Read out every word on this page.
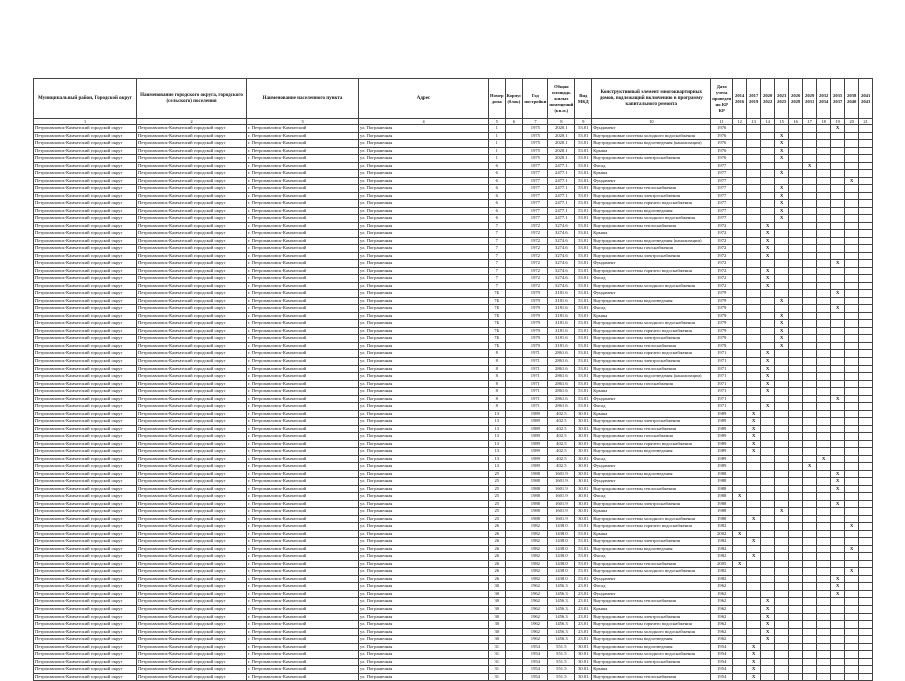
Муниципальный район, Городской округ	Наименование городского округа, городского (сельского) поселения	Наименование населенного пункта	Адрес	Номер дома	Корпус (блок)	Год постройки	Общая площадь жилых помещений (кв.м.)	Вид МКД	Конструктивный элемент многоквартирных домов, подлежащий включению в программу капитального ремонта	Дата учета проведен ия КР КР	2014 2016	2017 2019	2020 2022	2023 2025	2026 2028	2029 2031	2032 2034	2035 2037	2038 2040	2041 2043
1	2	3	4	5	6	7	8	9	10	11	12	13	14	15	16	17	18	19	20	21
Петропавловск-Камчатский городской округ	Петропавловск-Камчатский городской округ	г. Петропавловск-Камчатский	ул. Пограничная	1		1975	2020.1	53.01	Фундамент	1976								X		
Петропавловск-Камчатский городской округ	Петропавловск-Камчатский городской округ	г. Петропавловск-Камчатский	ул. Пограничная	1		1975	2020.1	53.01	Внутридомовые системы холодного водоснабжения	1976				X						
Петропавловск-Камчатский городской округ	Петропавловск-Камчатский городской округ	г. Петропавловск-Камчатский	ул. Пограничная	1		1975	2020.1	53.01	Внутридомовые системы водоотведения (канализации)	1976				X						
Петропавловск-Камчатский городской округ	Петропавловск-Камчатский городской округ	г. Петропавловск-Камчатский	ул. Пограничная	1		1975	2020.1	53.01	Крыша	1976				X						
Петропавловск-Камчатский городской округ	Петропавловск-Камчатский городской округ	г. Петропавловск-Камчатский	ул. Пограничная	1		1975	2020.1	53.01	Внутридомовые системы электроснабжения	1976				X						
Петропавловск-Камчатский городской округ	Петропавловск-Камчатский городской округ	г. Петропавловск-Камчатский	ул. Пограничная	6		1977	2477.1	53.01	Фасад	1977						X				
Петропавловск-Камчатский городской округ	Петропавловск-Камчатский городской округ	г. Петропавловск-Камчатский	ул. Пограничная	6		1977	2477.1	53.01	Крыша	1977				X						
Петропавловск-Камчатский городской округ	Петропавловск-Камчатский городской округ	г. Петропавловск-Камчатский	ул. Пограничная	6		1977	2477.1	53.01	Фундамент	1977									X	
Петропавловск-Камчатский городской округ	Петропавловск-Камчатский городской округ	г. Петропавловск-Камчатский	ул. Пограничная	6		1977	2477.1	53.01	Внутридомовые системы теплоснабжения	1977				X						
Петропавловск-Камчатский городской округ	Петропавловск-Камчатский городской округ	г. Петропавловск-Камчатский	ул. Пограничная	6		1977	2477.1	53.01	Внутридомовые системы электроснабжения	1977				X						
Петропавловск-Камчатский городской округ	Петропавловск-Камчатский городской округ	г. Петропавловск-Камчатский	ул. Пограничная	6		1977	2477.1	53.01	Внутридомовые системы горячего водоснабжения	1977				X						
Петропавловск-Камчатский городской округ	Петропавловск-Камчатский городской округ	г. Петропавловск-Камчатский	ул. Пограничная	6		1977	2477.1	53.01	Внутридомовые системы водоотведения	1977				X						
Петропавловск-Камчатский городской округ	Петропавловск-Камчатский городской округ	г. Петропавловск-Камчатский	ул. Пограничная	6		1977	2477.1	53.01	Внутридомовые системы холодного водоснабжения	1977				X						
Петропавловск-Камчатский городской округ	Петропавловск-Камчатский городской округ	г. Петропавловск-Камчатский	ул. Пограничная	7		1972	3274.6	53.01	Внутридомовые системы теплоснабжения	1972			X							
Петропавловск-Камчатский городской округ	Петропавловск-Камчатский городской округ	г. Петропавловск-Камчатский	ул. Пограничная	7		1972	3274.6	53.01	Крыша	1972			X							
Петропавловск-Камчатский городской округ	Петропавловск-Камчатский городской округ	г. Петропавловск-Камчатский	ул. Пограничная	7		1972	3274.6	53.01	Внутридомовые системы водоотведения (канализации)	1972			X							
Петропавловск-Камчатский городской округ	Петропавловск-Камчатский городской округ	г. Петропавловск-Камчатский	ул. Пограничная	7		1972	3274.6	53.01	Внутридомовые системы газоснабжения	1972			X							
Петропавловск-Камчатский городской округ	Петропавловск-Камчатский городской округ	г. Петропавловск-Камчатский	ул. Пограничная	7		1972	3274.6	53.01	Внутридомовые системы электроснабжения	1972			X							
Петропавловск-Камчатский городской округ	Петропавловск-Камчатский городской округ	г. Петропавловск-Камчатский	ул. Пограничная	7		1972	3274.6	53.01	Фундамент	1972								X		
Петропавловск-Камчатский городской округ	Петропавловск-Камчатский городской округ	г. Петропавловск-Камчатский	ул. Пограничная	7		1972	3274.6	53.01	Внутридомовые системы горячего водоснабжения	1972			X							
Петропавловск-Камчатский городской округ	Петропавловск-Камчатский городской округ	г. Петропавловск-Камчатский	ул. Пограничная	7		1972	3274.6	53.01	Фасад	1972			X							
Петропавловск-Камчатский городской округ	Петропавловск-Камчатский городской округ	г. Петропавловск-Камчатский	ул. Пограничная	7		1972	3274.6	53.01	Внутридомовые системы холодного водоснабжения	1972			X							
Петропавловск-Камчатский городской округ	Петропавловск-Камчатский городской округ	г. Петропавловск-Камчатский	ул. Пограничная	7Б		1979	3181.6	53.01	Фундамент	1979								X		
Петропавловск-Камчатский городской округ	Петропавловск-Камчатский городской округ	г. Петропавловск-Камчатский	ул. Пограничная	7Б		1979	3181.6	53.01	Внутридомовые системы водоотведения	1979				X						
Петропавловск-Камчатский городской округ	Петропавловск-Камчатский городской округ	г. Петропавловск-Камчатский	ул. Пограничная	7Б		1979	3181.6	53.01	Фасад	1979								X		
Петропавловск-Камчатский городской округ	Петропавловск-Камчатский городской округ	г. Петропавловск-Камчатский	ул. Пограничная	7Б		1979	3181.6	53.01	Крыша	1979				X						
Петропавловск-Камчатский городской округ	Петропавловск-Камчатский городской округ	г. Петропавловск-Камчатский	ул. Пограничная	7Б		1979	3181.6	53.01	Внутридомовые системы холодного водоснабжения	1979				X						
Петропавловск-Камчатский городской округ	Петропавловск-Камчатский городской округ	г. Петропавловск-Камчатский	ул. Пограничная	7Б		1979	3181.6	53.01	Внутридомовые системы горячего водоснабжения	1979				X						
Петропавловск-Камчатский городской округ	Петропавловск-Камчатский городской округ	г. Петропавловск-Камчатский	ул. Пограничная	7Б		1979	3181.6	53.01	Внутридомовые системы электроснабжения	1979				X						
Петропавловск-Камчатский городской округ	Петропавловск-Камчатский городской округ	г. Петропавловск-Камчатский	ул. Пограничная	7Б		1979	3181.6	53.01	Внутридомовые системы теплоснабжения	1979				X						
Петропавловск-Камчатский городской округ	Петропавловск-Камчатский городской округ	г. Петропавловск-Камчатский	ул. Пограничная	8		1971	2861.6	53.01	Внутридомовые системы горячего водоснабжения	1971			X							
Петропавловск-Камчатский городской округ	Петропавловск-Камчатский городской округ	г. Петропавловск-Камчатский	ул. Пограничная	8		1971	2861.6	53.01	Внутридомовые системы электроснабжения	1971			X							
Петропавловск-Камчатский городской округ	Петропавловск-Камчатский городской округ	г. Петропавловск-Камчатский	ул. Пограничная	8		1971	2861.6	53.01	Внутридомовые системы теплоснабжения	1971			X							
Петропавловск-Камчатский городской округ	Петропавловск-Камчатский городской округ	г. Петропавловск-Камчатский	ул. Пограничная	8		1971	2861.6	53.01	Внутридомовые системы водоотведения (канализации)	1971			X							
Петропавловск-Камчатский городской округ	Петропавловск-Камчатский городской округ	г. Петропавловск-Камчатский	ул. Пограничная	8		1971	2861.6	53.01	Внутридомовые системы газоснабжения	1971			X							
Петропавловск-Камчатский городской округ	Петропавловск-Камчатский городской округ	г. Петропавловск-Камчатский	ул. Пограничная	8		1971	2861.6	53.01	Крыша	1971			X							
Петропавловск-Камчатский городской округ	Петропавловск-Камчатский городской округ	г. Петропавловск-Камчатский	ул. Пограничная	8		1971	2861.6	53.01	Фундамент	1971								X		
Петропавловск-Камчатский городской округ	Петропавловск-Камчатский городской округ	г. Петропавловск-Камчатский	ул. Пограничная	8		1971	2861.6	53.01	Фасад	1971			X							
Петропавловск-Камчатский городской округ	Петропавловск-Камчатский городской округ	г. Петропавловск-Камчатский	ул. Пограничная	13		1989	402.5	30.01	Крыша	1989		X								
Петропавловск-Камчатский городской округ	Петропавловск-Камчатский городской округ	г. Петропавловск-Камчатский	ул. Пограничная	13		1989	402.5	30.01	Внутридомовые системы электроснабжения	1989		X								
Петропавловск-Камчатский городской округ	Петропавловск-Камчатский городской округ	г. Петропавловск-Камчатский	ул. Пограничная	13		1989	402.5	30.01	Внутридомовые системы теплоснабжения	1989		X								
Петропавловск-Камчатский городской округ	Петропавловск-Камчатский городской округ	г. Петропавловск-Камчатский	ул. Пограничная	13		1989	402.5	30.01	Внутридомовые системы газоснабжения	1989		X								
Петропавловск-Камчатский городской округ	Петропавловск-Камчатский городской округ	г. Петропавловск-Камчатский	ул. Пограничная	13		1989	402.5	30.01	Внутридомовые системы горячего водоснабжения	1989		X								
Петропавловск-Камчатский городской округ	Петропавловск-Камчатский городской округ	г. Петропавловск-Камчатский	ул. Пограничная	13		1989	402.5	30.01	Внутридомовые системы водоотведения	1989		X								
Петропавловск-Камчатский городской округ	Петропавловск-Камчатский городской округ	г. Петропавловск-Камчатский	ул. Пограничная	13		1989	402.5	30.01	Фасад	1989							X			
Петропавловск-Камчатский городской округ	Петропавловск-Камчатский городской округ	г. Петропавловск-Камчатский	ул. Пограничная	13		1989	402.5	30.01	Фундамент	1989						X				
Петропавловск-Камчатский городской округ	Петропавловск-Камчатский городской округ	г. Петропавловск-Камчатский	ул. Пограничная	25		1988	1601.9	30.01	Внутридомовые системы водоотведения	1988								X		
Петропавловск-Камчатский городской округ	Петропавловск-Камчатский городской округ	г. Петропавловск-Камчатский	ул. Пограничная	25		1988	1601.9	30.01	Фундамент	1988								X		
Петропавловск-Камчатский городской округ	Петропавловск-Камчатский городской округ	г. Петропавловск-Камчатский	ул. Пограничная	25		1988	1601.9	30.01	Внутридомовые системы теплоснабжения	1988								X		
Петропавловск-Камчатский городской округ	Петропавловск-Камчатский городской округ	г. Петропавловск-Камчатский	ул. Пограничная	25		1988	1601.9	30.01	Фасад	1988	X									
Петропавловск-Камчатский городской округ	Петропавловск-Камчатский городской округ	г. Петропавловск-Камчатский	ул. Пограничная	25		1988	1601.9	30.01	Внутридомовые системы электроснабжения	1988								X		
Петропавловск-Камчатский городской округ	Петропавловск-Камчатский городской округ	г. Петропавловск-Камчатский	ул. Пограничная	25		1988	1601.9	30.01	Крыша	1988				X						
Петропавловск-Камчатский городской округ	Петропавловск-Камчатский городской округ	г. Петропавловск-Камчатский	ул. Пограничная	25		1988	1601.9	30.01	Внутридомовые системы холодного водоснабжения	1988		X								
Петропавловск-Камчатский городской округ	Петропавловск-Камчатский городской округ	г. Петропавловск-Камчатский	ул. Пограничная	26		1982	1438.0	53.01	Внутридомовые системы горячего водоснабжения	1982									X	
Петропавловск-Камчатский городской округ	Петропавловск-Камчатский городской округ	г. Петропавловск-Камчатский	ул. Пограничная	26		1982	1438.0	53.01	Крыша	2002	X									
Петропавловск-Камчатский городской округ	Петропавловск-Камчатский городской округ	г. Петропавловск-Камчатский	ул. Пограничная	26		1982	1438.0	53.01	Внутридомовые системы электроснабжения	1982		X								
Петропавловск-Камчатский городской округ	Петропавловск-Камчатский городской округ	г. Петропавловск-Камчатский	ул. Пограничная	26		1982	1438.0	53.01	Внутридомовые системы водоотведения	1982									X	
Петропавловск-Камчатский городской округ	Петропавловск-Камчатский городской округ	г. Петропавловск-Камчатский	ул. Пограничная	26		1982	1438.0	53.01	Фасад	1982		X								
Петропавловск-Камчатский городской округ	Петропавловск-Камчатский городской округ	г. Петропавловск-Камчатский	ул. Пограничная	26		1982	1438.0	53.01	Внутридомовые системы теплоснабжения	2005	X									
Петропавловск-Камчатский городской округ	Петропавловск-Камчатский городской округ	г. Петропавловск-Камчатский	ул. Пограничная	26		1982	1438.0	53.01	Внутридомовые системы холодного водоснабжения	1982									X	
Петропавловск-Камчатский городской округ	Петропавловск-Камчатский городской округ	г. Петропавловск-Камчатский	ул. Пограничная	26		1982	1438.0	53.01	Фундамент	1982								X		
Петропавловск-Камчатский городской округ	Петропавловск-Камчатский городской округ	г. Петропавловск-Камчатский	ул. Пограничная	30		1962	1456.3	23.01	Фасад	1962								X		
Петропавловск-Камчатский городской округ	Петропавловск-Камчатский городской округ	г. Петропавловск-Камчатский	ул. Пограничная	30		1962	1456.3	23.01	Фундамент	1962								X		
Петропавловск-Камчатский городской округ	Петропавловск-Камчатский городской округ	г. Петропавловск-Камчатский	ул. Пограничная	30		1962	1456.3	23.01	Внутридомовые системы теплоснабжения	1962			X							
Петропавловск-Камчатский городской округ	Петропавловск-Камчатский городской округ	г. Петропавловск-Камчатский	ул. Пограничная	30		1962	1456.3	23.01	Крыша	1962			X							
Петропавловск-Камчатский городской округ	Петропавловск-Камчатский городской округ	г. Петропавловск-Камчатский	ул. Пограничная	30		1962	1456.3	23.01	Внутридомовые системы электроснабжения	1962			X							
Петропавловск-Камчатский городской округ	Петропавловск-Камчатский городской округ	г. Петропавловск-Камчатский	ул. Пограничная	30		1962	1456.3	23.01	Внутридомовые системы горячего водоснабжения	1962			X							
Петропавловск-Камчатский городской округ	Петропавловск-Камчатский городской округ	г. Петропавловск-Камчатский	ул. Пограничная	30		1962	1456.3	23.01	Внутридомовые системы холодного водоснабжения	1962			X							
Петропавловск-Камчатский городской округ	Петропавловск-Камчатский городской округ	г. Петропавловск-Камчатский	ул. Пограничная	30		1962	1456.3	23.01	Внутридомовые системы водоотведения	1962			X							
Петропавловск-Камчатский городской округ	Петропавловск-Камчатский городской округ	г. Петропавловск-Камчатский	ул. Пограничная	31		1954	551.5	30.01	Внутридомовые системы водоотведения	1954		X								
Петропавловск-Камчатский городской округ	Петропавловск-Камчатский городской округ	г. Петропавловск-Камчатский	ул. Пограничная	31		1954	551.5	30.01	Внутридомовые системы холодного водоснабжения	1954		X								
Петропавловск-Камчатский городской округ	Петропавловск-Камчатский городской округ	г. Петропавловск-Камчатский	ул. Пограничная	31		1954	551.5	30.01	Внутридомовые системы электроснабжения	1954		X								
Петропавловск-Камчатский городской округ	Петропавловск-Камчатский городской округ	г. Петропавловск-Камчатский	ул. Пограничная	31		1954	551.5	30.01	Крыша	1954		X								
Петропавловск-Камчатский городской округ	Петропавловск-Камчатский городской округ	г. Петропавловск-Камчатский	ул. Пограничная	31		1954	551.5	30.01	Внутридомовые системы теплоснабжения	1954		X								
